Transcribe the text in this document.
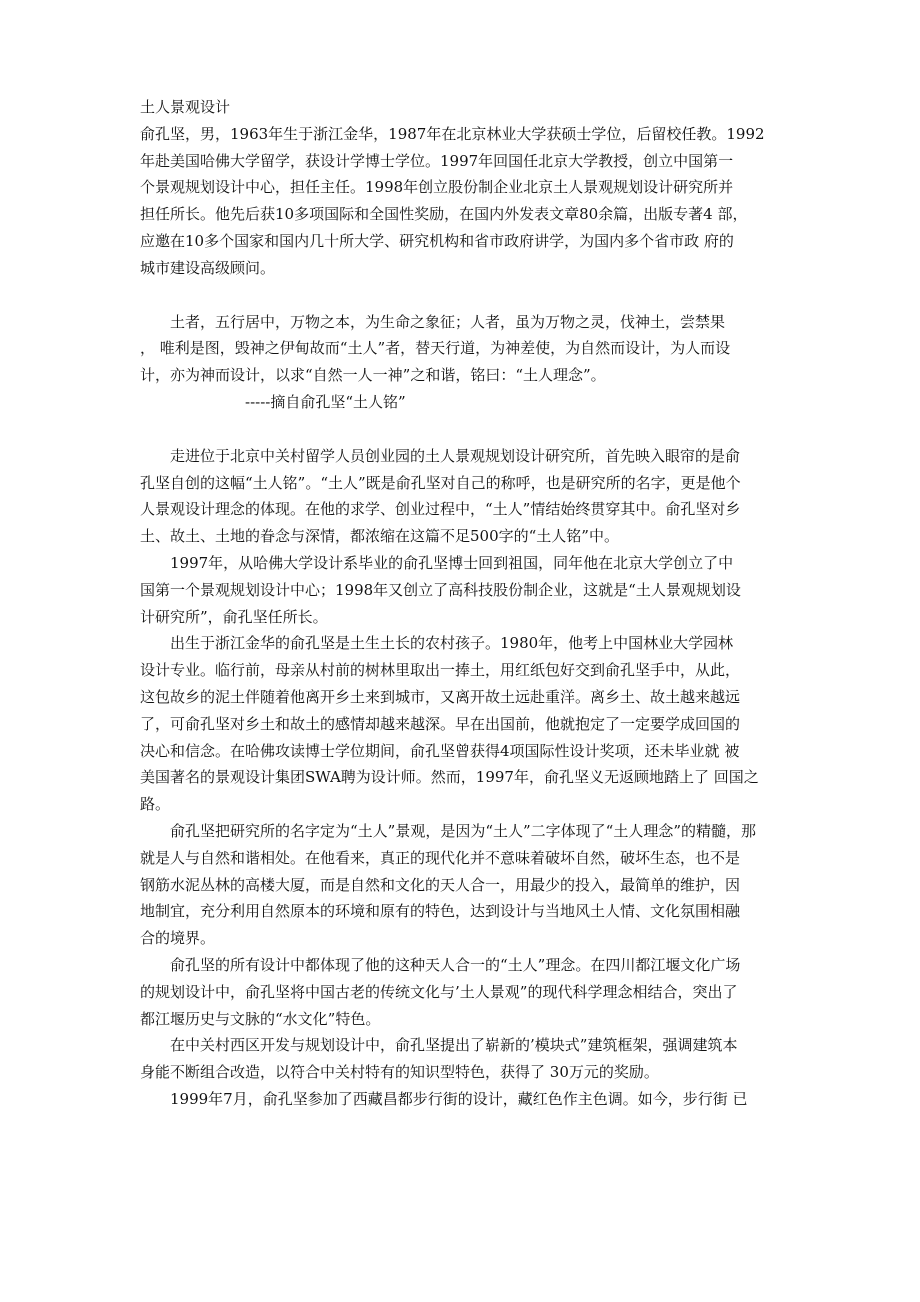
土人景观设计
俞孔坚，男，1963年生于浙江金华，1987年在北京林业大学获硕士学位，后留校任教。1992
年赴美国哈佛大学留学，获设计学博士学位。1997年回国任北京大学教授，创立中国第一
个景观规划设计中心，担任主任。1998年创立股份制企业北京土人景观规划设计研究所并
担任所长。他先后获10多项国际和全国性奖励，在国内外发表文章80余篇，出版专著4 部，
应邀在10多个国家和国内几十所大学、研究机构和省市政府讲学，为国内多个省市政 府的
城市建设高级顾问。
土者，五行居中，万物之本，为生命之象征；人者，虽为万物之灵，伐神土，尝禁果
， 唯利是图，毁神之伊甸故而“土人”者，替天行道，为神差使，为自然而设计，为人而设
计，亦为神而设计，以求“自然一人一神”之和谐，铭曰：“土人理念”。
-----摘自俞孔坚“土人铭”
走进位于北京中关村留学人员创业园的土人景观规划设计研究所，首先映入眼帘的是俞
孔坚自创的这幅“土人铭”。“土人”既是俞孔坚对自己的称呼，也是研究所的名字，更是他个
人景观设计理念的体现。在他的求学、创业过程中，“土人”情结始终贯穿其中。俞孔坚对乡
土、故土、土地的眷念与深情，都浓缩在这篇不足500字的“土人铭”中。
1997年，从哈佛大学设计系毕业的俞孔坚博士回到祖国，同年他在北京大学创立了中
国第一个景观规划设计中心；1998年又创立了高科技股份制企业，这就是“土人景观规划设
计研究所”，俞孔坚任所长。
出生于浙江金华的俞孔坚是土生土长的农村孩子。1980年，他考上中国林业大学园林
设计专业。临行前，母亲从村前的树林里取出一捧土，用红纸包好交到俞孔坚手中，从此，
这包故乡的泥土伴随着他离开乡土来到城市，又离开故土远赴重洋。离乡土、故土越来越远
了，可俞孔坚对乡土和故土的感情却越来越深。早在出国前，他就抱定了一定要学成回国的
决心和信念。在哈佛攻读博士学位期间，俞孔坚曾获得4项国际性设计奖项，还未毕业就 被
美国著名的景观设计集团SWA聘为设计师。然而，1997年，俞孔坚义无返顾地踏上了 回国之
路。
俞孔坚把研究所的名字定为“土人”景观，是因为“土人”二字体现了“土人理念”的精髓，那
就是人与自然和谐相处。在他看来，真正的现代化并不意味着破坏自然，破坏生态，也不是
钢筋水泥丛林的高楼大厦，而是自然和文化的天人合一，用最少的投入，最简单的维护，因
地制宜，充分利用自然原本的环境和原有的特色，达到设计与当地风土人情、文化氛围相融
合的境界。
俞孔坚的所有设计中都体现了他的这种天人合一的“土人”理念。在四川都江堰文化广场
的规划设计中，俞孔坚将中国古老的传统文化与’土人景观”的现代科学理念相结合，突出了
都江堰历史与文脉的“水文化”特色。
在中关村西区开发与规划设计中，俞孔坚提出了崭新的’模块式”建筑框架，强调建筑本
身能不断组合改造，以符合中关村特有的知识型特色，获得了 30万元的奖励。
1999年7月，俞孔坚参加了西藏昌都步行街的设计，藏红色作主色调。如今，步行街 已
